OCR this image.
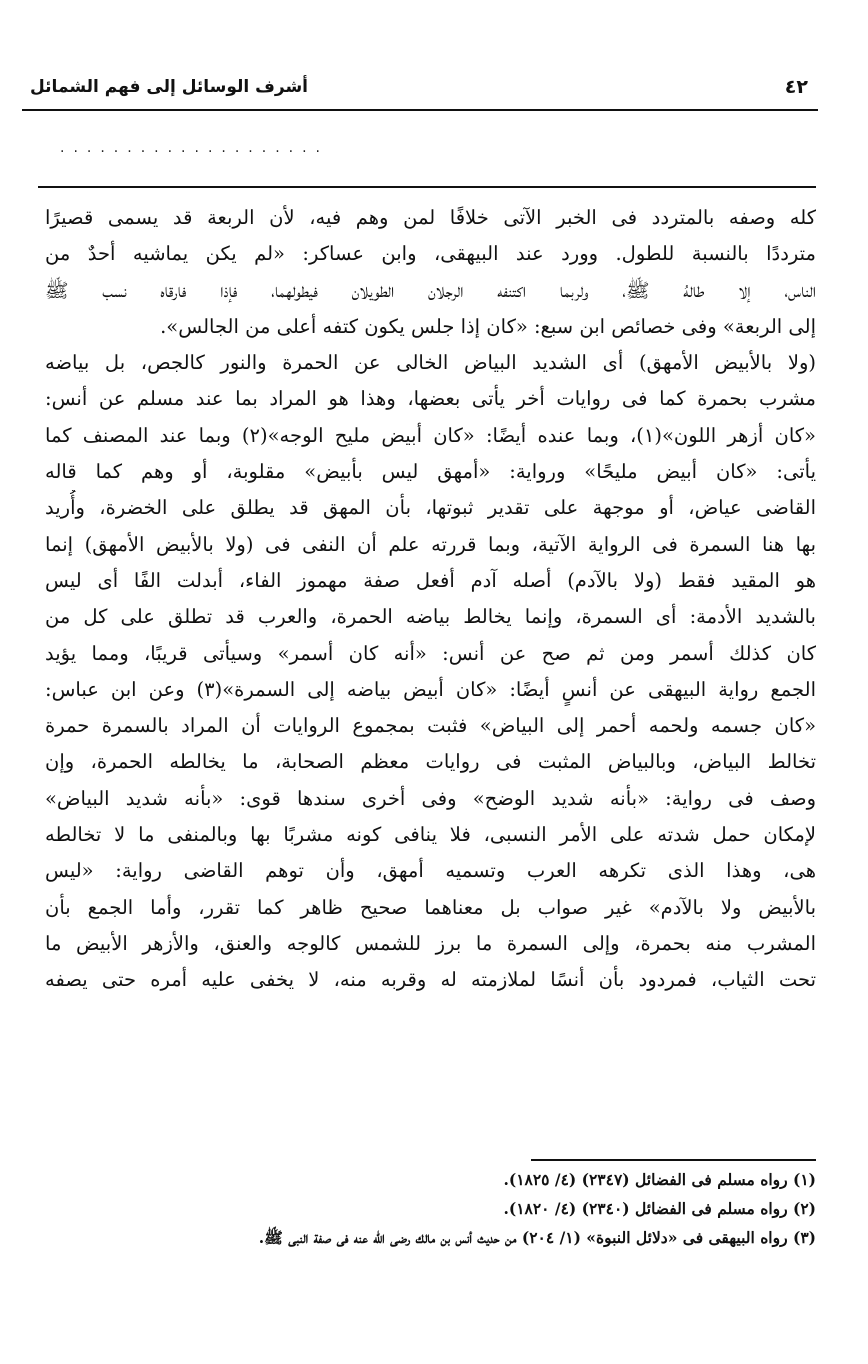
٤٢
أشرف الوسائل إلى فهم الشمائل
....................
كله وصفه بالمتردد فى الخبر الآتى خلافًا لمن وهم فيه، لأن الربعة قد يسمى قصيرًا
مترددًا بالنسبة للطول. وورد عند البيهقى، وابن عساكر: «لم يكن يماشيه أحدٌ من
الناس، إلا طالهُ ﷺ، ولربما اكتنفه الرجلان الطويلان فيطولهما، فإذا فارقاه نسب ﷺ
إلى الربعة» وفى خصائص ابن سبع: «كان إذا جلس يكون كتفه أعلى من الجالس».
(ولا بالأبيض الأمهق) أى الشديد البياض الخالى عن الحمرة والنور كالجص، بل بياضه
مشرب بحمرة كما فى روايات أخر يأتى بعضها، وهذا هو المراد بما عند مسلم عن أنس:
«كان أزهر اللون»(١)، وبما عنده أيضًا: «كان أبيض مليح الوجه»(٢) وبما عند المصنف كما
يأتى: «كان أبيض مليحًا» ورواية: «أمهق ليس بأبيض» مقلوبة، أو وهم كما قاله
القاضى عياض، أو موجهة على تقدير ثبوتها، بأن المهق قد يطلق على الخضرة، وأُريد
بها هنا السمرة فى الرواية الآتية، وبما قررته علم أن النفى فى (ولا بالأبيض الأمهق) إنما
هو المقيد فقط (ولا بالآدم) أصله آدم أفعل صفة مهموز الفاء، أبدلت الفًا أى ليس
بالشديد الأدمة: أى السمرة، وإنما يخالط بياضه الحمرة، والعرب قد تطلق على كل من
كان كذلك أسمر ومن ثم صح عن أنس: «أنه كان أسمر» وسيأتى قريبًا، ومما يؤيد
الجمع رواية البيهقى عن أنسٍ أيضًا: «كان أبيض بياضه إلى السمرة»(٣) وعن ابن عباس:
«كان جسمه ولحمه أحمر إلى البياض» فثبت بمجموع الروايات أن المراد بالسمرة حمرة
تخالط البياض، وبالبياض المثبت فى روايات معظم الصحابة، ما يخالطه الحمرة، وإن
وصف فى رواية: «بأنه شديد الوضح» وفى أخرى سندها قوى: «بأنه شديد البياض»
لإمكان حمل شدته على الأمر النسبى، فلا ينافى كونه مشربًا بها وبالمنفى ما لا تخالطه
هى، وهذا الذى تكرهه العرب وتسميه أمهق، وأن توهم القاضى رواية: «ليس
بالأبيض ولا بالآدم» غير صواب بل معناهما صحيح ظاهر كما تقرر، وأما الجمع بأن
المشرب منه بحمرة، وإلى السمرة ما برز للشمس كالوجه والعنق، والأزهر الأبيض ما
تحت الثياب، فمردود بأن أنسًا لملازمته له وقربه منه، لا يخفى عليه أمره حتى يصفه
(١) رواه مسلم فى الفضائل (٢٣٤٧) (٤/ ١٨٢٥).
(٢) رواه مسلم فى الفضائل (٢٣٤٠) (٤/ ١٨٢٠).
(٣) رواه البيهقى فى «دلائل النبوة» (١/ ٢٠٤) من حديث أنس بن مالك رضى الله عنه فى صفة النبى ﷺ.
